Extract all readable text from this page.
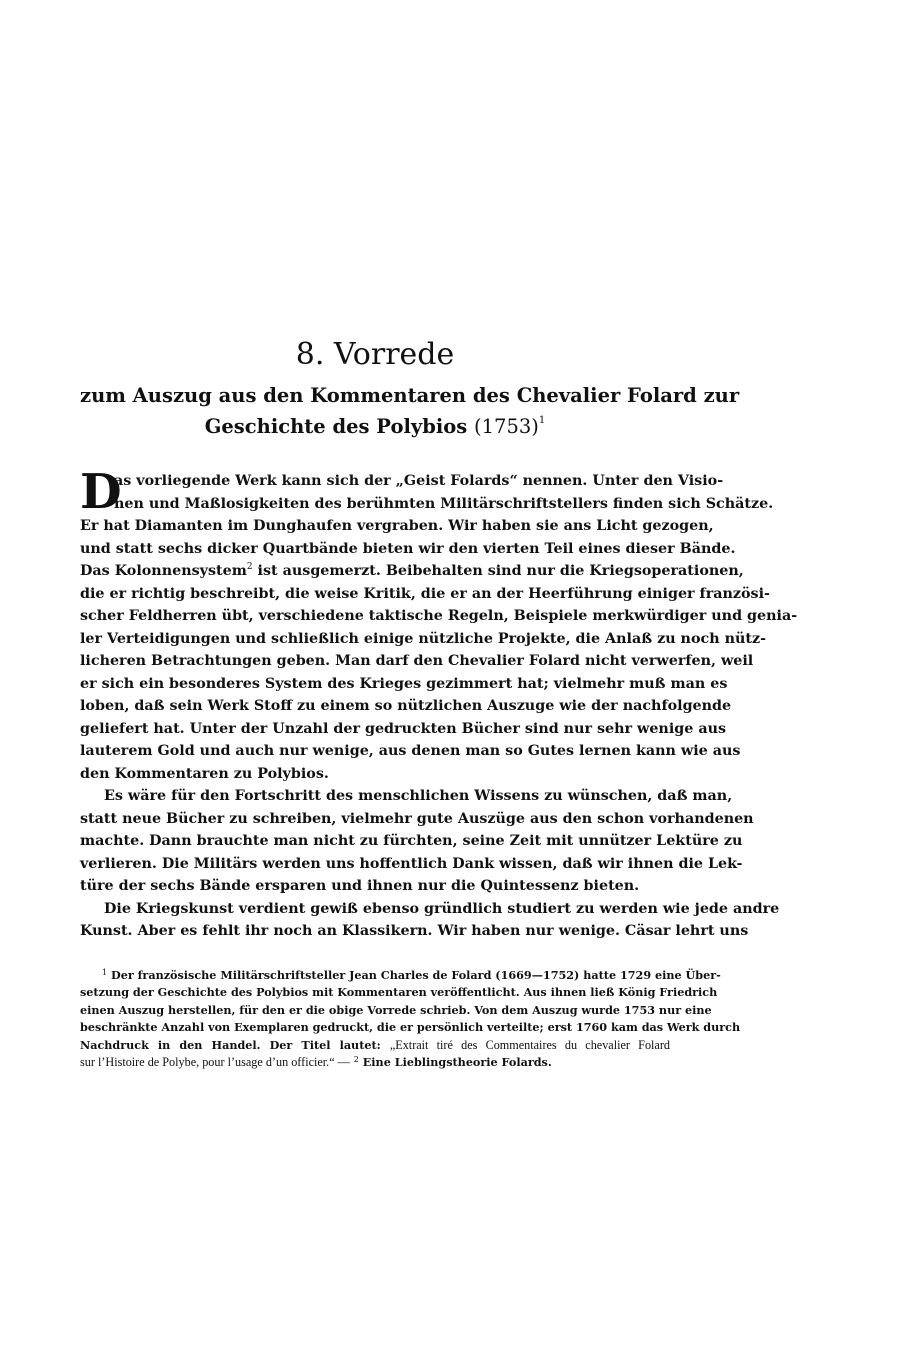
8. Vorrede
zum Auszug aus den Kommentaren des Chevalier Folard zur
Geschichte des Polybios $(1753)^1$
D
as vorliegende Werk kann sich der „Geist Folards“ nennen. Unter den Visio-
nen und Maßlosigkeiten des berühmten Militärschriftstellers finden sich Schätze.
Er hat Diamanten im Dunghaufen vergraben. Wir haben sie ans Licht gezogen,
und statt sechs dicker Quartbände bieten wir den vierten Teil eines dieser Bände.
Das Kolonnensystem$^2$ ist ausgemerzt. Beibehalten sind nur die Kriegsoperationen,
die er richtig beschreibt, die weise Kritik, die er an der Heerführung einiger französi-
scher Feldherren übt, verschiedene taktische Regeln, Beispiele merkwürdiger und genia-
ler Verteidigungen und schließlich einige nützliche Projekte, die Anlaß zu noch nütz-
licheren Betrachtungen geben. Man darf den Chevalier Folard nicht verwerfen, weil
er sich ein besonderes System des Krieges gezimmert hat; vielmehr muß man es
loben, daß sein Werk Stoff zu einem so nützlichen Auszuge wie der nachfolgende
geliefert hat. Unter der Unzahl der gedruckten Bücher sind nur sehr wenige aus
lauterem Gold und auch nur wenige, aus denen man so Gutes lernen kann wie aus
den Kommentaren zu Polybios.
Es wäre für den Fortschritt des menschlichen Wissens zu wünschen, daß man,
statt neue Bücher zu schreiben, vielmehr gute Auszüge aus den schon vorhandenen
machte. Dann brauchte man nicht zu fürchten, seine Zeit mit unnützer Lektüre zu
verlieren. Die Militärs werden uns hoffentlich Dank wissen, daß wir ihnen die Lek-
türe der sechs Bände ersparen und ihnen nur die Quintessenz bieten.
Die Kriegskunst verdient gewiß ebenso gründlich studiert zu werden wie jede andre
Kunst. Aber es fehlt ihr noch an Klassikern. Wir haben nur wenige. Cäsar lehrt uns
$^1$ Der französische Militärschriftsteller Jean Charles de Folard (1669—1752) hatte 1729 eine Über-
setzung der Geschichte des Polybios mit Kommentaren veröffentlicht. Aus ihnen ließ König Friedrich
einen Auszug herstellen, für den er die obige Vorrede schrieb. Von dem Auszug wurde 1753 nur eine
beschränkte Anzahl von Exemplaren gedruckt, die er persönlich verteilte; erst 1760 kam das Werk durch
Nachdruck in den Handel. Der Titel lautet: „Extrait tiré des Commentaires du chevalier Folard
sur l’Histoire de Polybe, pour l’usage d’un officier.“ — $^2$ Eine Lieblingstheorie Folards.
